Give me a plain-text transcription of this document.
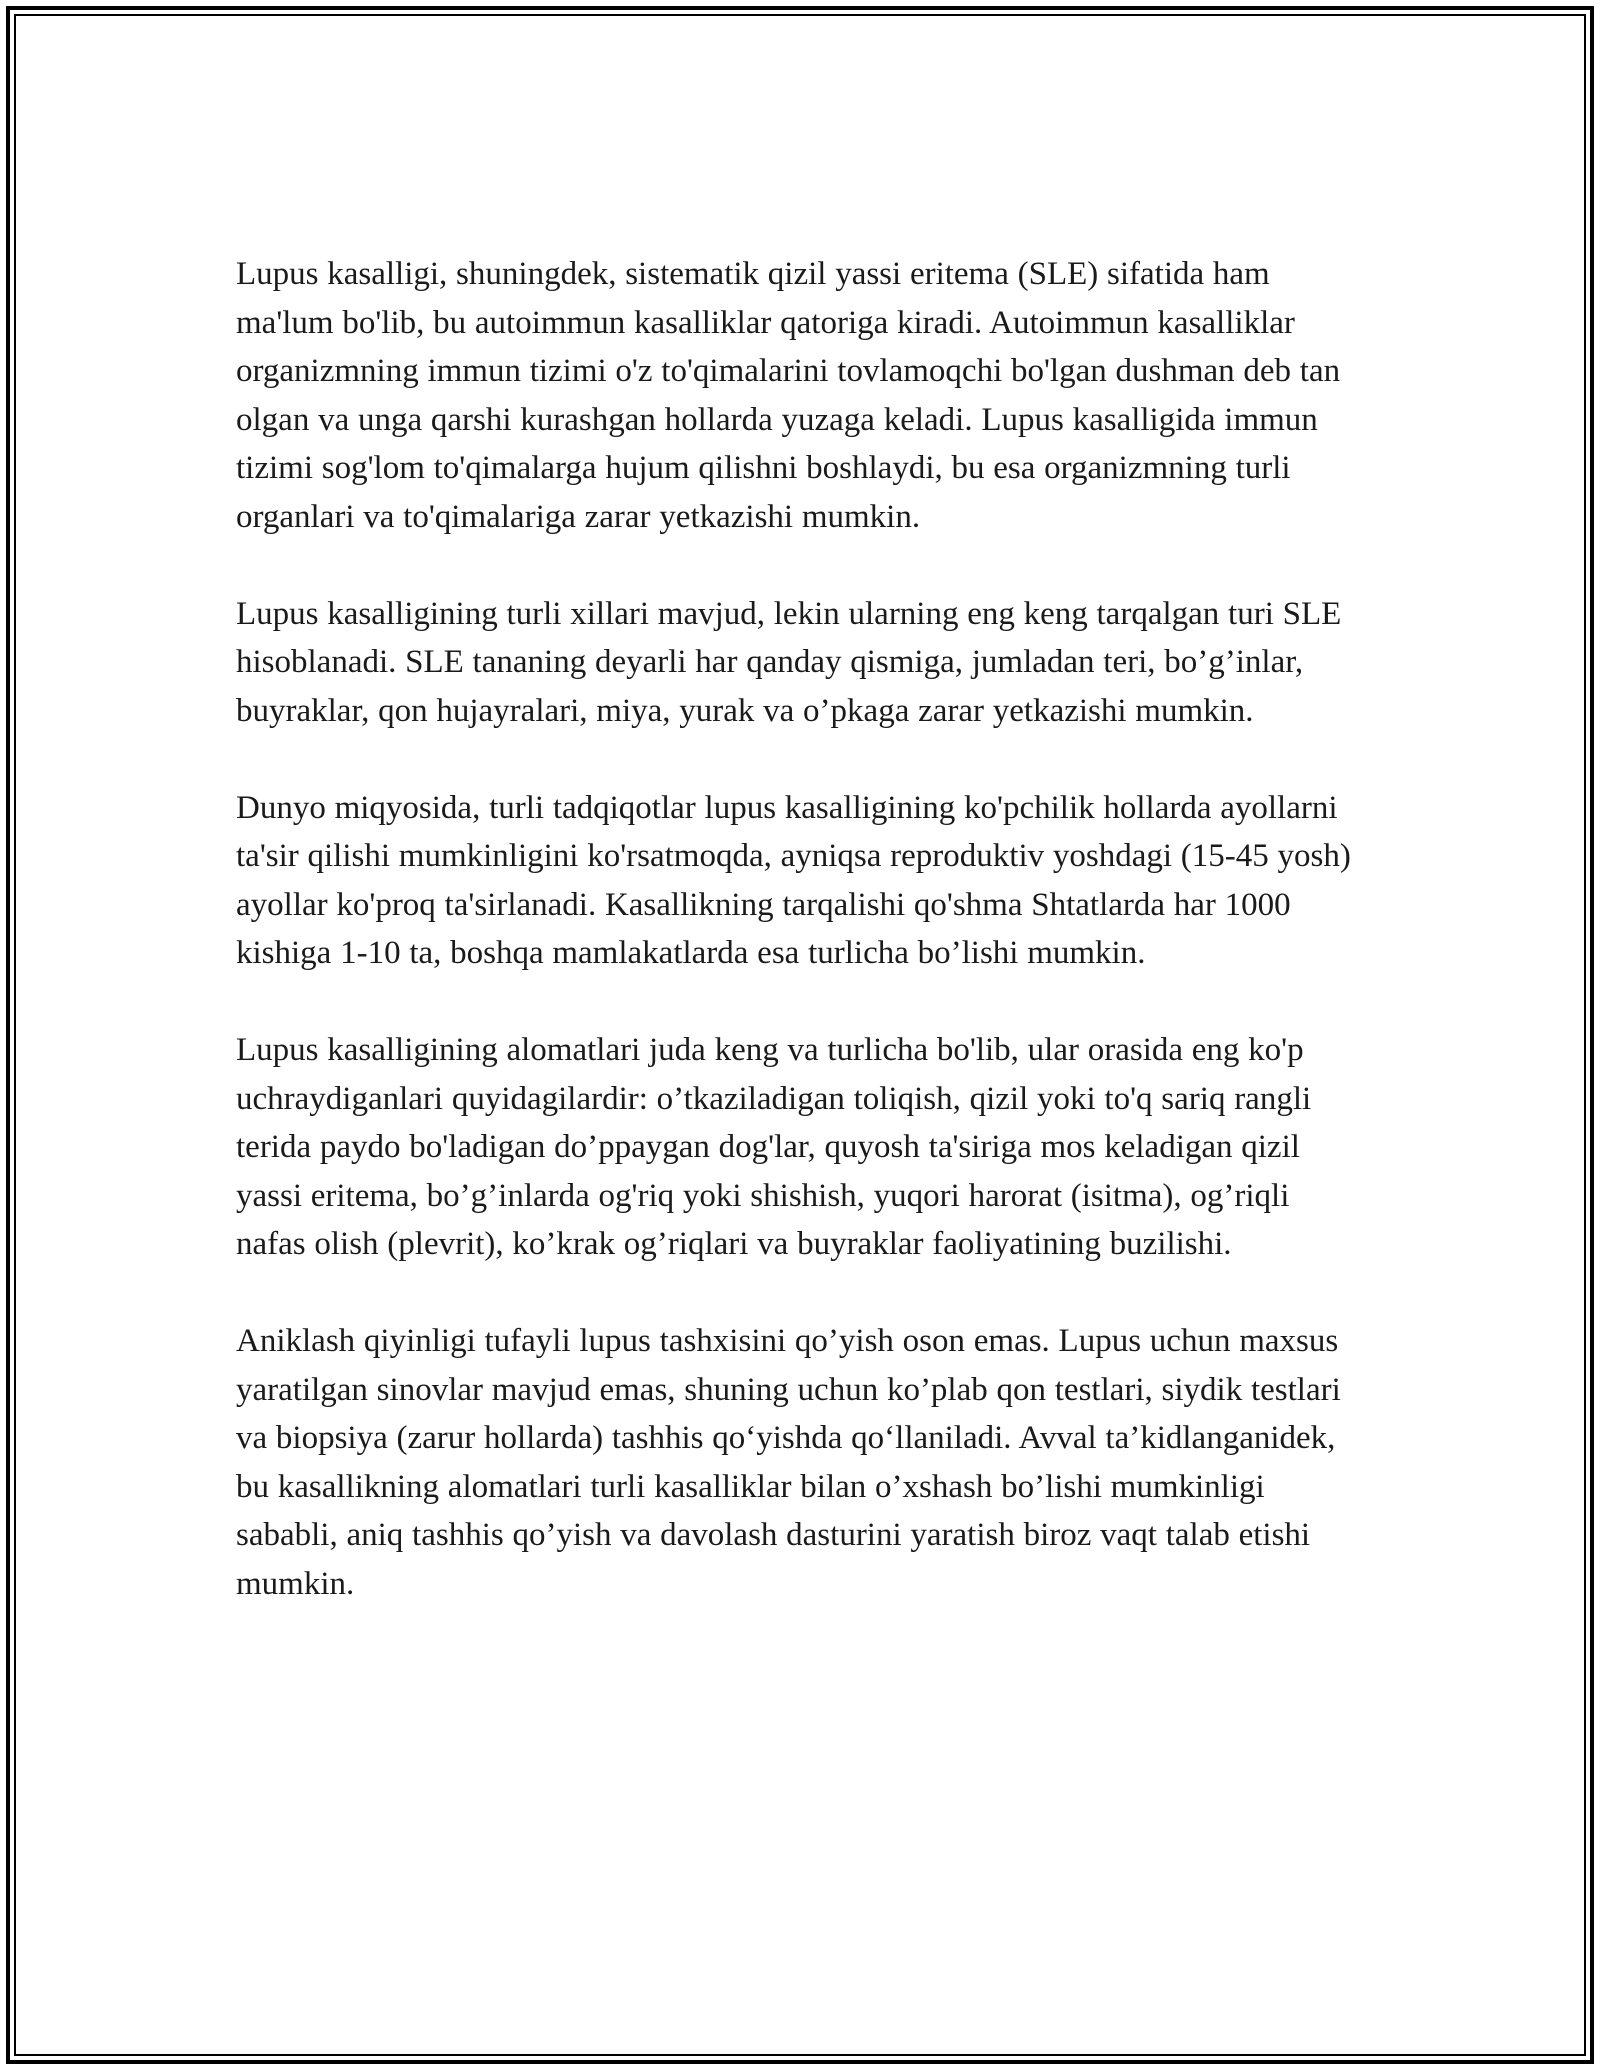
Lupus kasalligi, shuningdek, sistematik qizil yassi eritema (SLE) sifatida ham ma'lum bo'lib, bu autoimmun kasalliklar qatoriga kiradi. Autoimmun kasalliklar organizmning immun tizimi o'z to'qimalarini tovlamoqchi bo'lgan dushman deb tan olgan va unga qarshi kurashgan hollarda yuzaga keladi. Lupus kasalligida immun tizimi sog'lom to'qimalarga hujum qilishni boshlaydi, bu esa organizmning turli organlari va to'qimalariga zarar yetkazishi mumkin.

Lupus kasalligining turli xillari mavjud, lekin ularning eng keng tarqalgan turi SLE hisoblanadi. SLE tananing deyarli har qanday qismiga, jumladan teri, bo’g’inlar, buyraklar, qon hujayralari, miya, yurak va o’pkaga zarar yetkazishi mumkin.

Dunyo miqyosida, turli tadqiqotlar lupus kasalligining ko'pchilik hollarda ayollarni ta'sir qilishi mumkinligini ko'rsatmoqda, ayniqsa reproduktiv yoshdagi (15-45 yosh) ayollar ko'proq ta'sirlanadi. Kasallikning tarqalishi qo'shma Shtatlarda har 1000 kishiga 1-10 ta, boshqa mamlakatlarda esa turlicha bo’lishi mumkin.

Lupus kasalligining alomatlari juda keng va turlicha bo'lib, ular orasida eng ko'p uchraydiganlari quyidagilardir: o’tkaziladigan toliqish, qizil yoki to'q sariq rangli terida paydo bo'ladigan do’ppaygan dog'lar, quyosh ta'siriga mos keladigan qizil yassi eritema, bo’g’inlarda og'riq yoki shishish, yuqori harorat (isitma), og’riqli nafas olish (plevrit), ko’krak og’riqlari va buyraklar faoliyatining buzilishi.

Aniklash qiyinligi tufayli lupus tashxisini qo’yish oson emas. Lupus uchun maxsus yaratilgan sinovlar mavjud emas, shuning uchun ko’plab qon testlari, siydik testlari va biopsiya (zarur hollarda) tashhis qo‘yishda qo‘llaniladi. Avval ta’kidlanganidek, bu kasallikning alomatlari turli kasalliklar bilan o’xshash bo’lishi mumkinligi sababli, aniq tashhis qo’yish va davolash dasturini yaratish biroz vaqt talab etishi mumkin.
